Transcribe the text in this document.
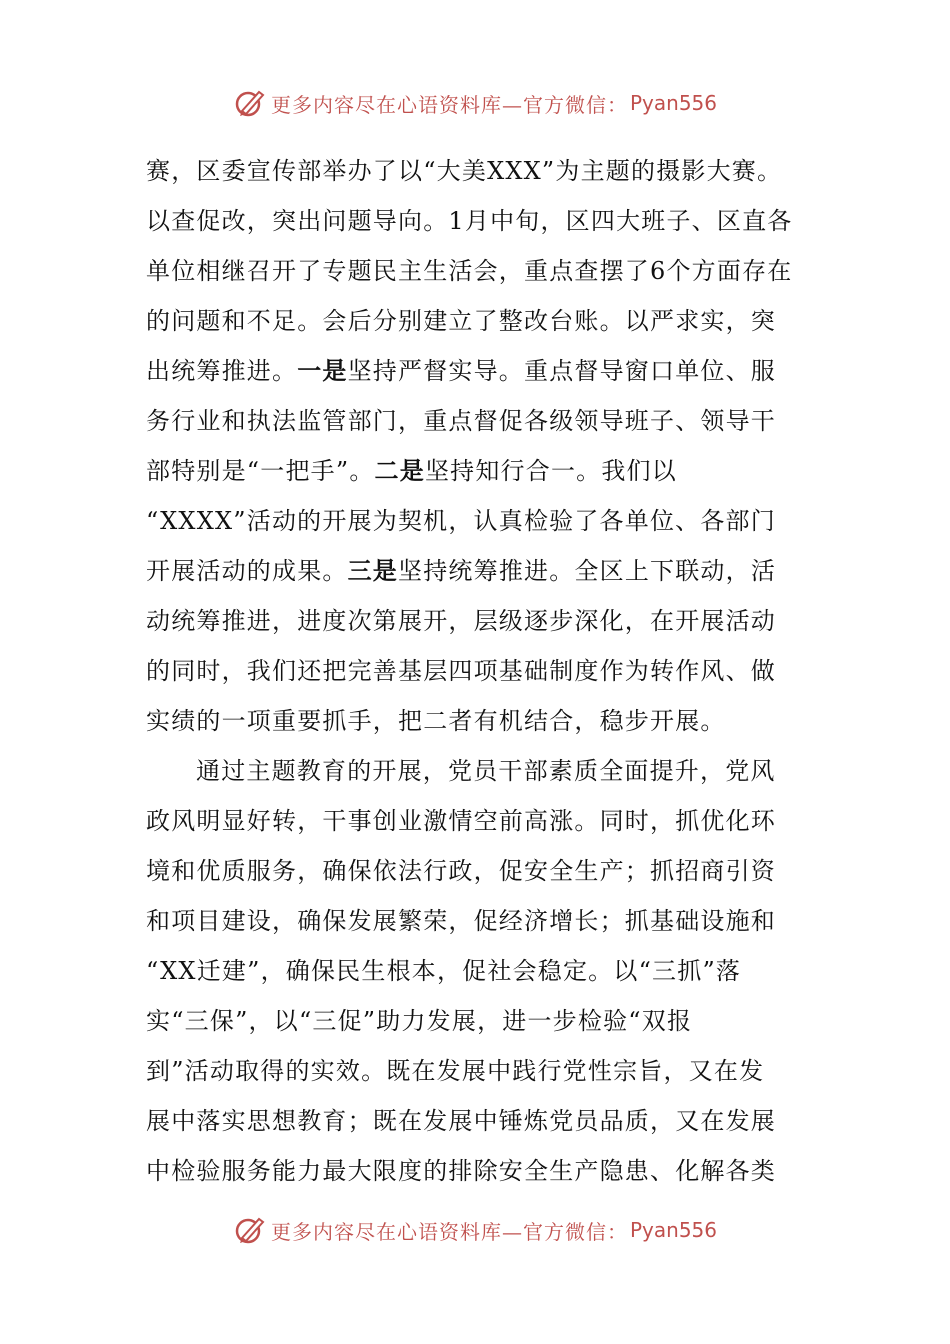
更多内容尽在心语资料库—官方微信： Pyan556
赛，区委宣传部举办了以“大美XXX”为主题的摄影大赛。
以查促改，突出问题导向。1月中旬，区四大班子、区直各
单位相继召开了专题民主生活会，重点查摆了6个方面存在
的问题和不足。会后分别建立了整改台账。以严求实，突
出统筹推进。一是坚持严督实导。重点督导窗口单位、服
务行业和执法监管部门，重点督促各级领导班子、领导干
部特别是“一把手”。二是坚持知行合一。我们以
“XXXX”活动的开展为契机，认真检验了各单位、各部门
开展活动的成果。三是坚持统筹推进。全区上下联动，活
动统筹推进，进度次第展开，层级逐步深化，在开展活动
的同时，我们还把完善基层四项基础制度作为转作风、做
实绩的一项重要抓手，把二者有机结合，稳步开展。
通过主题教育的开展，党员干部素质全面提升，党风
政风明显好转，干事创业激情空前高涨。同时，抓优化环
境和优质服务，确保依法行政，促安全生产；抓招商引资
和项目建设，确保发展繁荣，促经济增长；抓基础设施和
“XX迁建”，确保民生根本，促社会稳定。以“三抓”落
实“三保”，以“三促”助力发展，进一步检验“双报
到”活动取得的实效。既在发展中践行党性宗旨，又在发
展中落实思想教育；既在发展中锤炼党员品质，又在发展
中检验服务能力最大限度的排除安全生产隐患、化解各类
更多内容尽在心语资料库—官方微信： Pyan556
